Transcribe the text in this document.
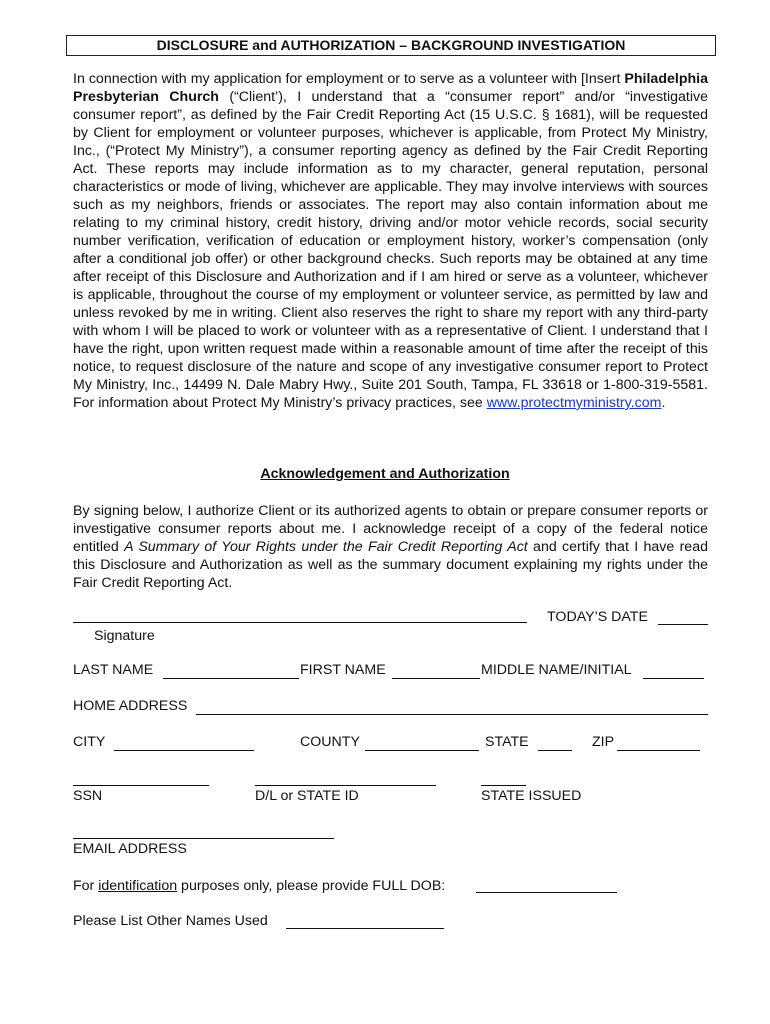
DISCLOSURE and AUTHORIZATION – BACKGROUND INVESTIGATION

In connection with my application for employment or to serve as a volunteer with [Insert Philadelphia Presbyterian Church (“Client’), I understand that a “consumer report” and/or “investigative consumer report”, as defined by the Fair Credit Reporting Act (15 U.S.C. § 1681), will be requested by Client for employment or volunteer purposes, whichever is applicable, from Protect My Ministry, Inc., (“Protect My Ministry”), a consumer reporting agency as defined by the Fair Credit Reporting Act. These reports may include information as to my character, general reputation, personal characteristics or mode of living, whichever are applicable. They may involve interviews with sources such as my neighbors, friends or associates. The report may also contain information about me relating to my criminal history, credit history, driving and/or motor vehicle records, social security number verification, verification of education or employment history, worker’s compensation (only after a conditional job offer) or other background checks. Such reports may be obtained at any time after receipt of this Disclosure and Authorization and if I am hired or serve as a volunteer, whichever is applicable, throughout the course of my employment or volunteer service, as permitted by law and unless revoked by me in writing. Client also reserves the right to share my report with any third-party with whom I will be placed to work or volunteer with as a representative of Client. I understand that I have the right, upon written request made within a reasonable amount of time after the receipt of this notice, to request disclosure of the nature and scope of any investigative consumer report to Protect My Ministry, Inc., 14499 N. Dale Mabry Hwy., Suite 201 South, Tampa, FL 33618 or 1-800-319-5581. For information about Protect My Ministry’s privacy practices, see www.protectmyministry.com.

Acknowledgement and Authorization

By signing below, I authorize Client or its authorized agents to obtain or prepare consumer reports or investigative consumer reports about me. I acknowledge receipt of a copy of the federal notice entitled A Summary of Your Rights under the Fair Credit Reporting Act and certify that I have read this Disclosure and Authorization as well as the summary document explaining my rights under the Fair Credit Reporting Act.

Signature
TODAY’S DATE
LAST NAME	FIRST NAME	MIDDLE NAME/INITIAL
HOME ADDRESS
CITY	COUNTY	STATE	ZIP
SSN	D/L or STATE ID	STATE ISSUED
EMAIL ADDRESS
For identification purposes only, please provide FULL DOB:
Please List Other Names Used
